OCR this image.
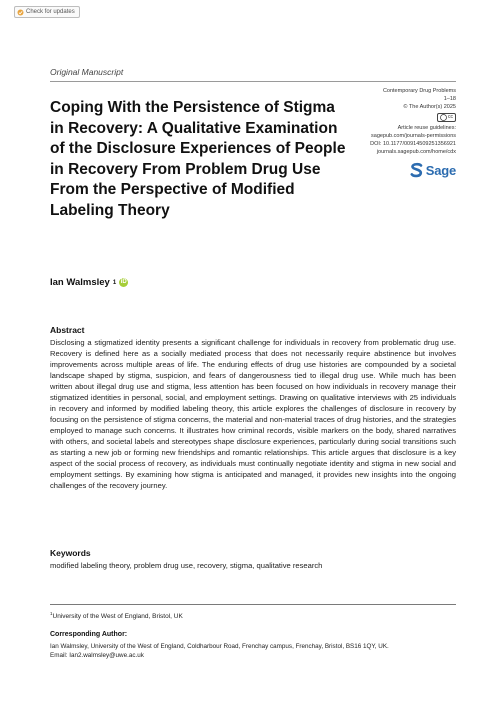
Check for updates
Original Manuscript
Coping With the Persistence of Stigma in Recovery: A Qualitative Examination of the Disclosure Experiences of People in Recovery From Problem Drug Use From the Perspective of Modified Labeling Theory
Contemporary Drug Problems
1–18
© The Author(s) 2025
cc
Article reuse guidelines:
sagepub.com/journals-permissions
DOI: 10.1177/00914509251356921
journals.sagepub.com/home/cdx
Sage
Ian Walmsley 1 iD
Abstract

Disclosing a stigmatized identity presents a significant challenge for individuals in recovery from problematic drug use. Recovery is defined here as a socially mediated process that does not necessarily require abstinence but involves improvements across multiple areas of life. The enduring effects of drug use histories are compounded by a societal landscape shaped by stigma, suspicion, and fears of dangerousness tied to illegal drug use. While much has been written about illegal drug use and stigma, less attention has been focused on how individuals in recovery manage their stigmatized identities in personal, social, and employment settings. Drawing on qualitative interviews with 25 individuals in recovery and informed by modified labeling theory, this article explores the challenges of disclosure in recovery by focusing on the persistence of stigma concerns, the material and non-material traces of drug histories, and the strategies employed to manage such concerns. It illustrates how criminal records, visible markers on the body, shared narratives with others, and societal labels and stereotypes shape disclosure experiences, particularly during social transitions such as starting a new job or forming new friendships and romantic relationships. This article argues that disclosure is a key aspect of the social process of recovery, as individuals must continually negotiate identity and stigma in new social and employment settings. By examining how stigma is anticipated and managed, it provides new insights into the ongoing challenges of the recovery journey.

Keywords
modified labeling theory, problem drug use, recovery, stigma, qualitative research
$^1$University of the West of England, Bristol, UK
Corresponding Author:
Ian Walmsley, University of the West of England, Coldharbour Road, Frenchay campus, Frenchay, Bristol, BS16 1QY, UK.
Email: Ian2.walmsley@uwe.ac.uk
